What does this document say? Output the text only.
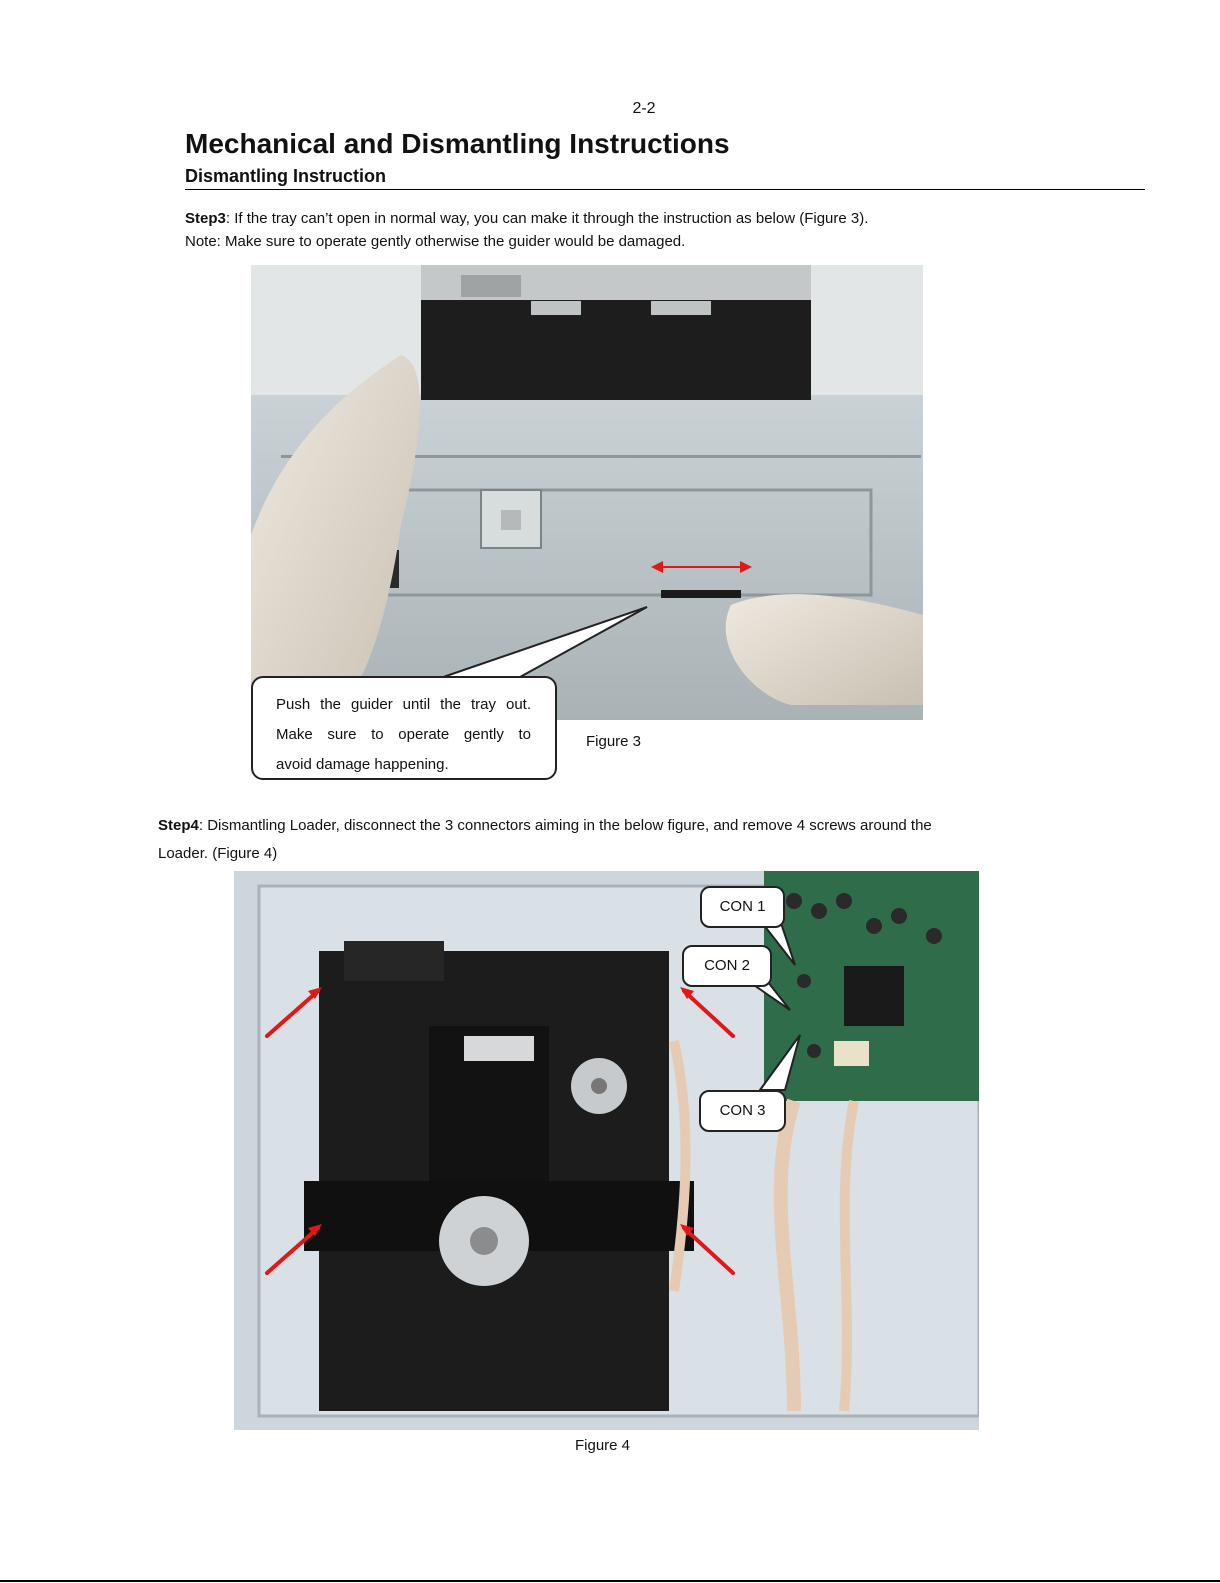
2-2
Mechanical and Dismantling Instructions
Dismantling Instruction
Step3: If the tray can’t open in normal way, you can make it through the instruction as below (Figure 3).
Note: Make sure to operate gently otherwise the guider would be damaged.
Push the guider until the tray out.
Make sure to operate gently to
avoid damage happening.
Figure 3
Step4: Dismantling Loader, disconnect the 3 connectors aiming in the below figure, and remove 4 screws around the
Loader. (Figure 4)
CON 1
CON 2
CON 3
Figure 4
